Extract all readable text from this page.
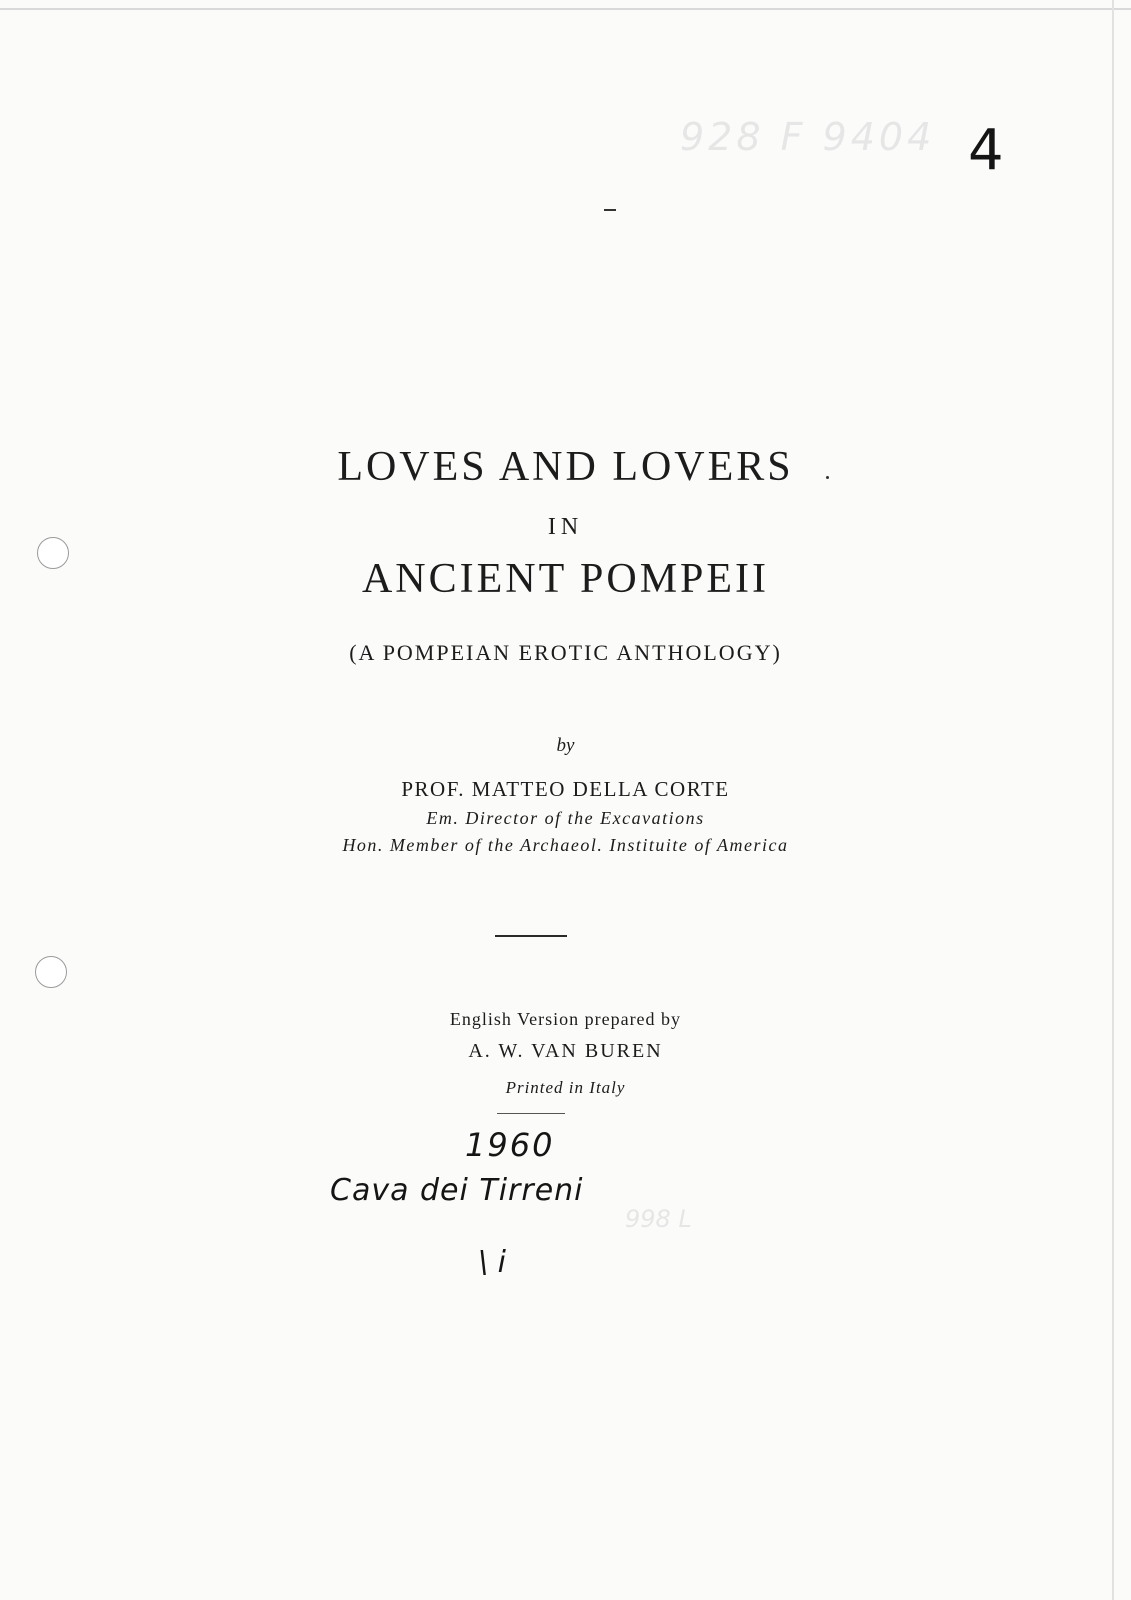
928 F 9404

998 L

4

LOVES AND LOVERS

IN

ANCIENT POMPEII

(A POMPEIAN EROTIC ANTHOLOGY)

by

PROF. MATTEO DELLA CORTE

Em. Director of the Excavations

Hon. Member of the Archaeol. Instituite of America

English Version prepared by

A. W. VAN BUREN

Printed in Italy

1960

Cava dei Tirreni

\ i
